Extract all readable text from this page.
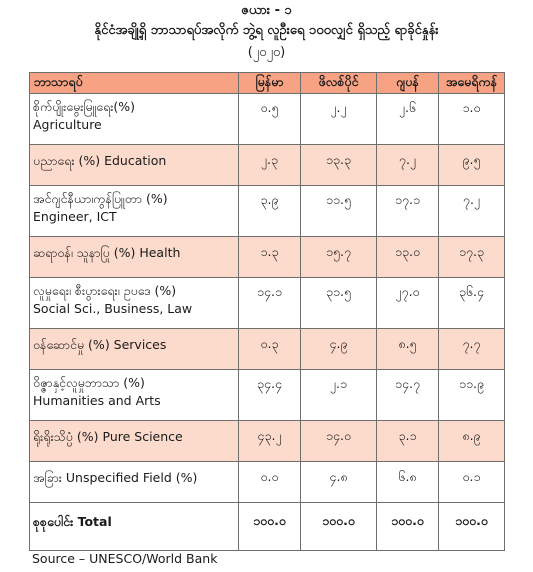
ဇယား - ၁
နိုင်ငံအချို့ရှိ ဘာသာရပ်အလိုက် ဘွဲ့ရ လူဦးရေ ၁၀၀လျှင် ရှိသည့် ရာခိုင်နှုန်း
(၂၀၂၀)
ဘာသာရပ်	မြန်မာ	ဖိလစ်ပိုင်	ဂျပန်	အမေရိကန်
စိုက်ပျိုးမွေးမြူရေး(%)
Agriculture	၀.၅	၂.၂	၂.၆	၁.၀
ပညာရေး (%) Education	၂.၃	၁၃.၃	၇.၂	၉.၅
အင်ဂျင်နီယာ၊ကွန်ပြူတာ (%)
Engineer, ICT	၃.၉	၁၁.၅	၁၇.၁	၇.၂
ဆရာဝန်၊ သူနာပြု (%) Health	၁.၃	၁၅.၇	၁၃.၀	၁၇.၃
လူမှုရေး၊ စီးပွားရေး၊ ဥပဒေ (%)
Social Sci., Business, Law	၁၄.၁	၃၁.၅	၂၇.၀	၃၆.၄
ဝန်ဆောင်မှု (%) Services	၀.၃	၄.၉	၈.၅	၇.၇
ဝိဇ္ဇာနှင့်လူမှုဘာသာ (%)
Humanities and Arts	၃၄.၄	၂.၁	၁၄.၇	၁၁.၉
ရိုးရိုးသိပ္ပံ (%) Pure Science	၄၃.၂	၁၄.၀	၃.၁	၈.၉
အခြား Unspecified Field (%)	၀.၀	၄.၈	၆.၈	၀.၁
စုစုပေါင်း Total	၁၀၀.၀	၁၀၀.၀	၁၀၀.၀	၁၀၀.၀
Source – UNESCO/World Bank
